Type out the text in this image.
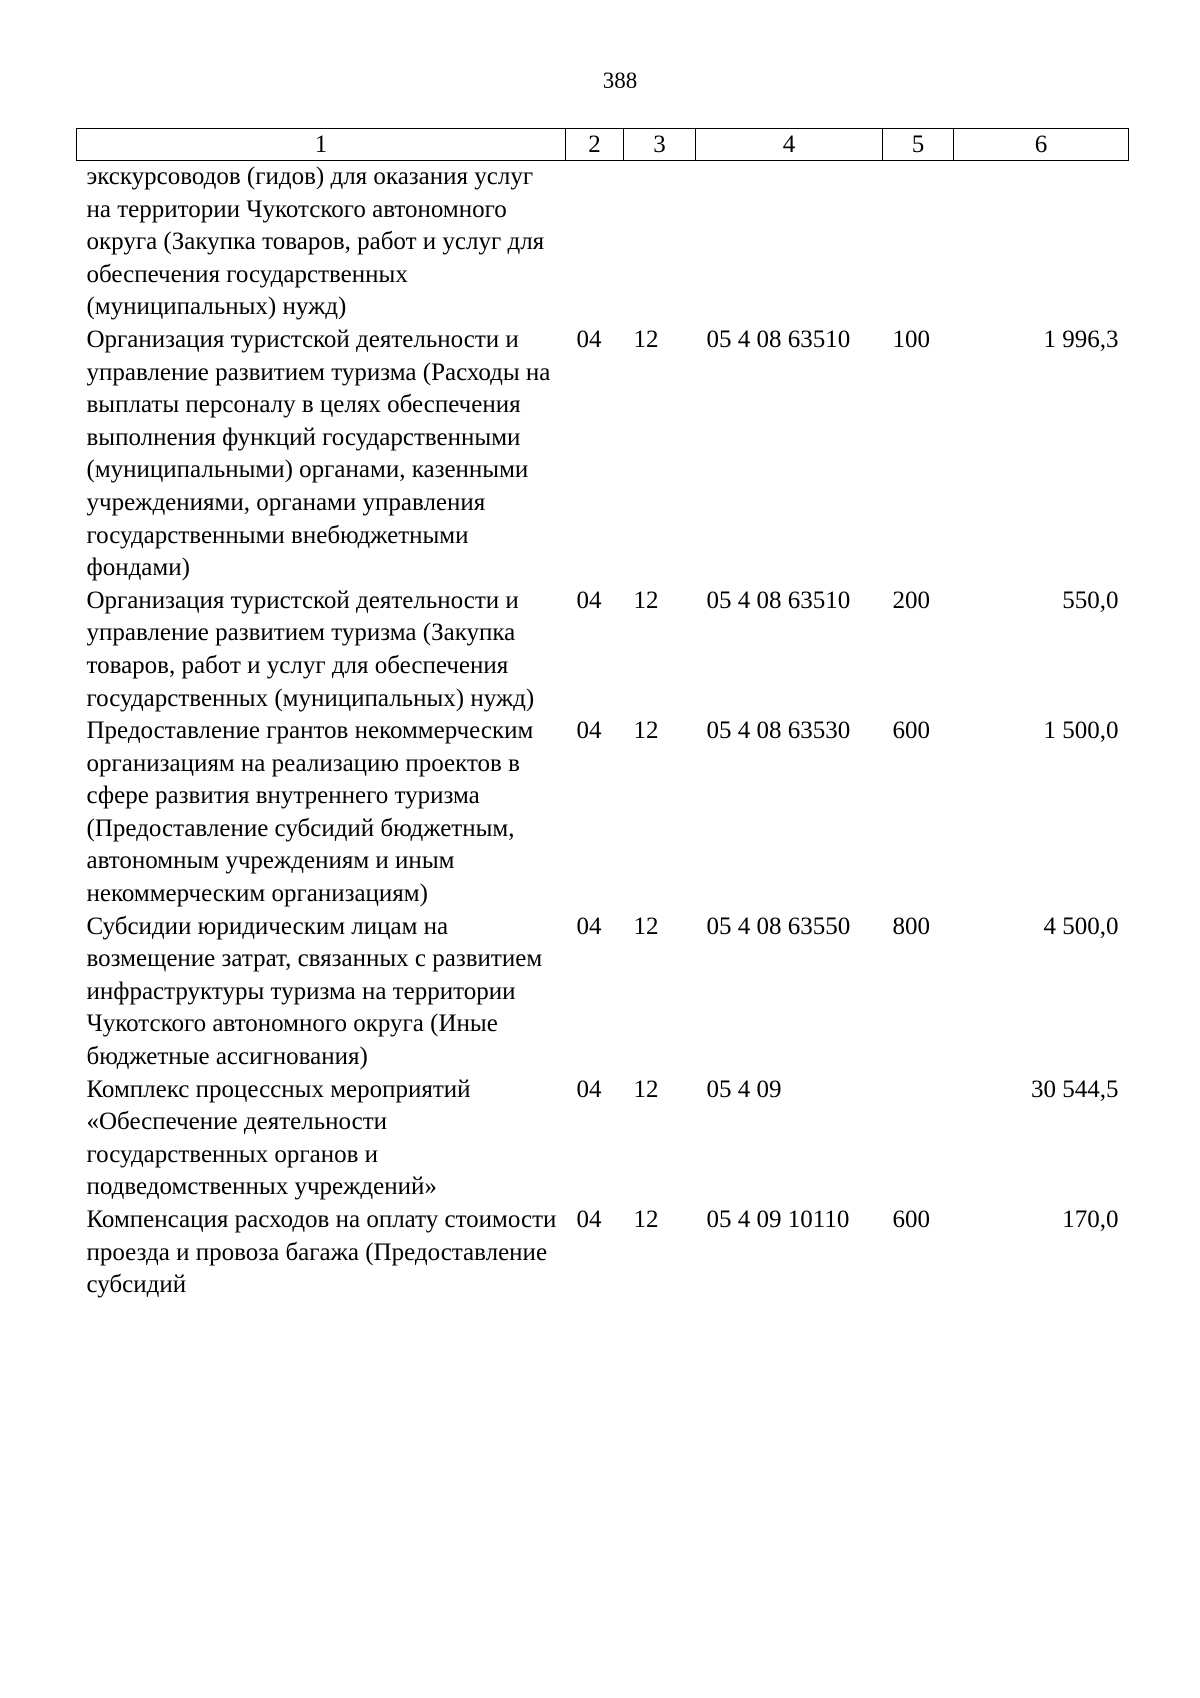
388
1	2	3	4	5	6
экскурсоводов (гидов) для оказания услуг на территории Чукотского автономного округа (Закупка товаров, работ и услуг для обеспечения государственных (муниципальных) нужд)					
Организация туристской деятельности и управление развитием туризма (Расходы на выплаты персоналу в целях обеспечения выполнения функций государственными (муниципальными) органами, казенными учреждениями, органами управления государственными внебюджетными фондами)	04	12	05 4 08 63510	100	1 996,3
Организация туристской деятельности и управление развитием туризма (Закупка товаров, работ и услуг для обеспечения государственных (муниципальных) нужд)	04	12	05 4 08 63510	200	550,0
Предоставление грантов некоммерческим организациям на реализацию проектов в сфере развития внутреннего туризма (Предоставление субсидий бюджетным, автономным учреждениям и иным некоммерческим организациям)	04	12	05 4 08 63530	600	1 500,0
Субсидии юридическим лицам на возмещение затрат, связанных с развитием инфраструктуры туризма на территории Чукотского автономного округа (Иные бюджетные ассигнования)	04	12	05 4 08 63550	800	4 500,0
Комплекс процессных мероприятий «Обеспечение деятельности государственных органов и подведомственных учреждений»	04	12	05 4 09		30 544,5
Компенсация расходов на оплату стоимости проезда и провоза багажа (Предоставление субсидий	04	12	05 4 09 10110	600	170,0
